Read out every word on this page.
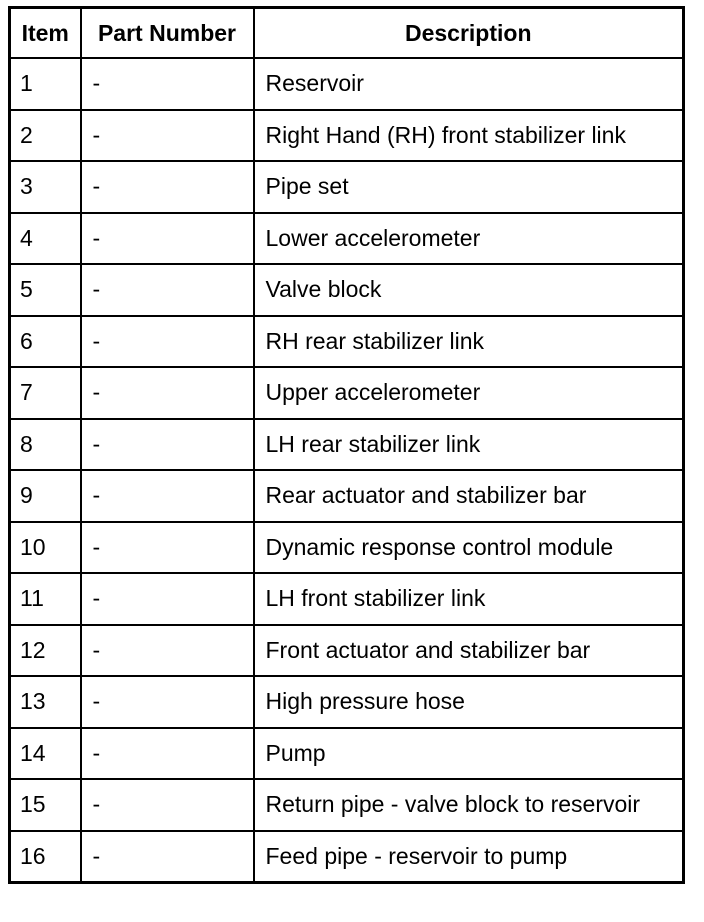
Item	Part Number	Description
1	-	Reservoir
2	-	Right Hand (RH) front stabilizer link
3	-	Pipe set
4	-	Lower accelerometer
5	-	Valve block
6	-	RH rear stabilizer link
7	-	Upper accelerometer
8	-	LH rear stabilizer link
9	-	Rear actuator and stabilizer bar
10	-	Dynamic response control module
11	-	LH front stabilizer link
12	-	Front actuator and stabilizer bar
13	-	High pressure hose
14	-	Pump
15	-	Return pipe - valve block to reservoir
16	-	Feed pipe - reservoir to pump
